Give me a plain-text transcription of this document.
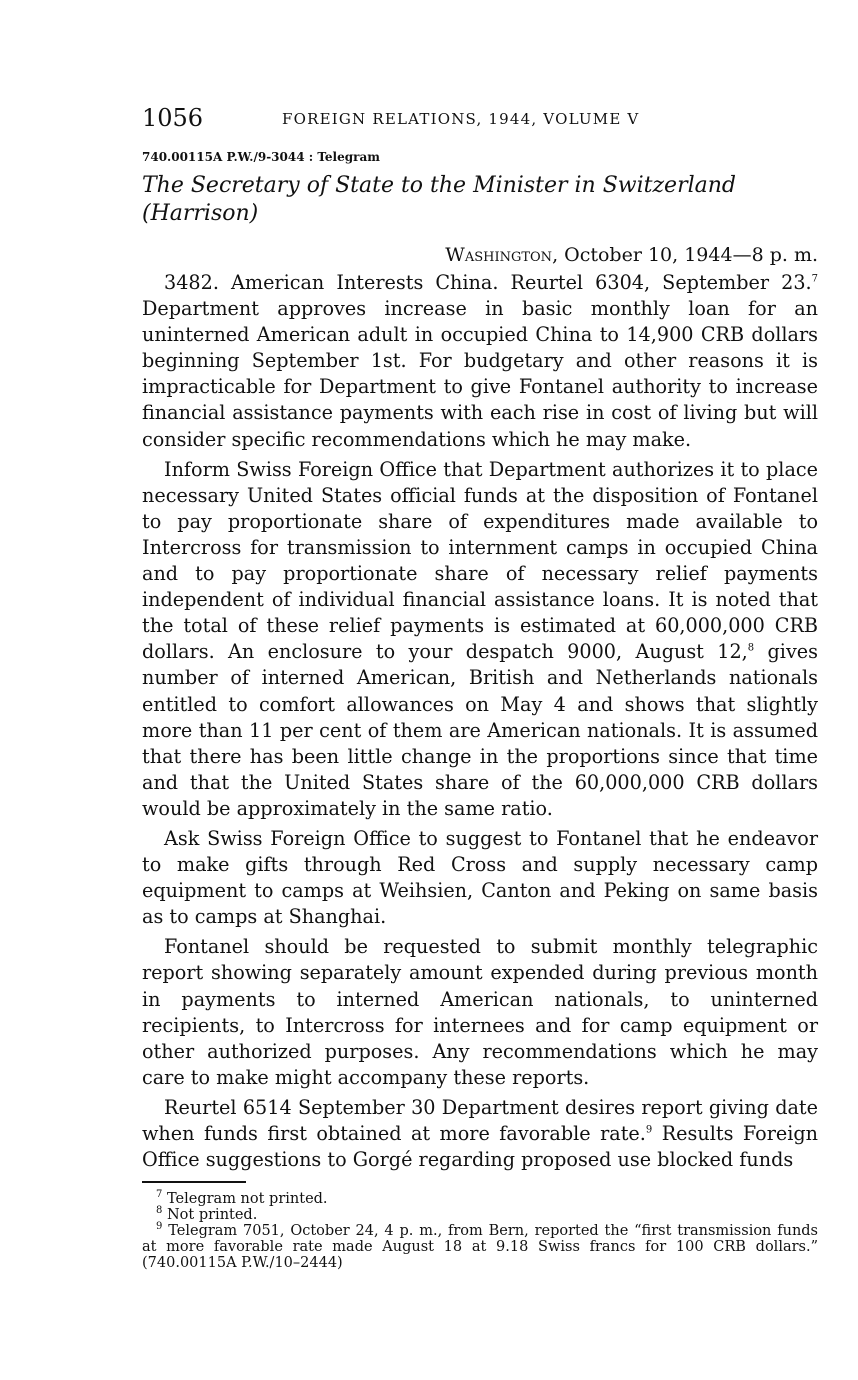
1056	FOREIGN RELATIONS, 1944, VOLUME V
740.00115A P.W./9-3044 : Telegram
The Secretary of State to the Minister in Switzerland (Harrison)
Washington, October 10, 1944—8 p. m.

3482. American Interests China. Reurtel 6304, September 23.$^7$ Department approves increase in basic monthly loan for an uninterned American adult in occupied China to 14,900 CRB dollars beginning September 1st. For budgetary and other reasons it is impracticable for Department to give Fontanel authority to increase financial assistance payments with each rise in cost of living but will consider specific recommendations which he may make.

Inform Swiss Foreign Office that Department authorizes it to place necessary United States official funds at the disposition of Fontanel to pay proportionate share of expenditures made available to Intercross for transmission to internment camps in occupied China and to pay proportionate share of necessary relief payments independent of individual financial assistance loans. It is noted that the total of these relief payments is estimated at 60,000,000 CRB dollars. An enclosure to your despatch 9000, August 12,$^8$ gives number of interned American, British and Netherlands nationals entitled to comfort allowances on May 4 and shows that slightly more than 11 per cent of them are American nationals. It is assumed that there has been little change in the proportions since that time and that the United States share of the 60,000,000 CRB dollars would be approximately in the same ratio.

Ask Swiss Foreign Office to suggest to Fontanel that he endeavor to make gifts through Red Cross and supply necessary camp equipment to camps at Weihsien, Canton and Peking on same basis as to camps at Shanghai.

Fontanel should be requested to submit monthly telegraphic report showing separately amount expended during previous month in payments to interned American nationals, to uninterned recipients, to Intercross for internees and for camp equipment or other authorized purposes. Any recommendations which he may care to make might accompany these reports.

Reurtel 6514 September 30 Department desires report giving date when funds first obtained at more favorable rate.$^9$ Results Foreign Office suggestions to Gorgé regarding proposed use blocked funds

$^7$ Telegram not printed.
$^8$ Not printed.
$^9$ Telegram 7051, October 24, 4 p. m., from Bern, reported the “first transmission funds at more favorable rate made August 18 at 9.18 Swiss francs for 100 CRB dollars.” (740.00115A P.W./10–2444)
